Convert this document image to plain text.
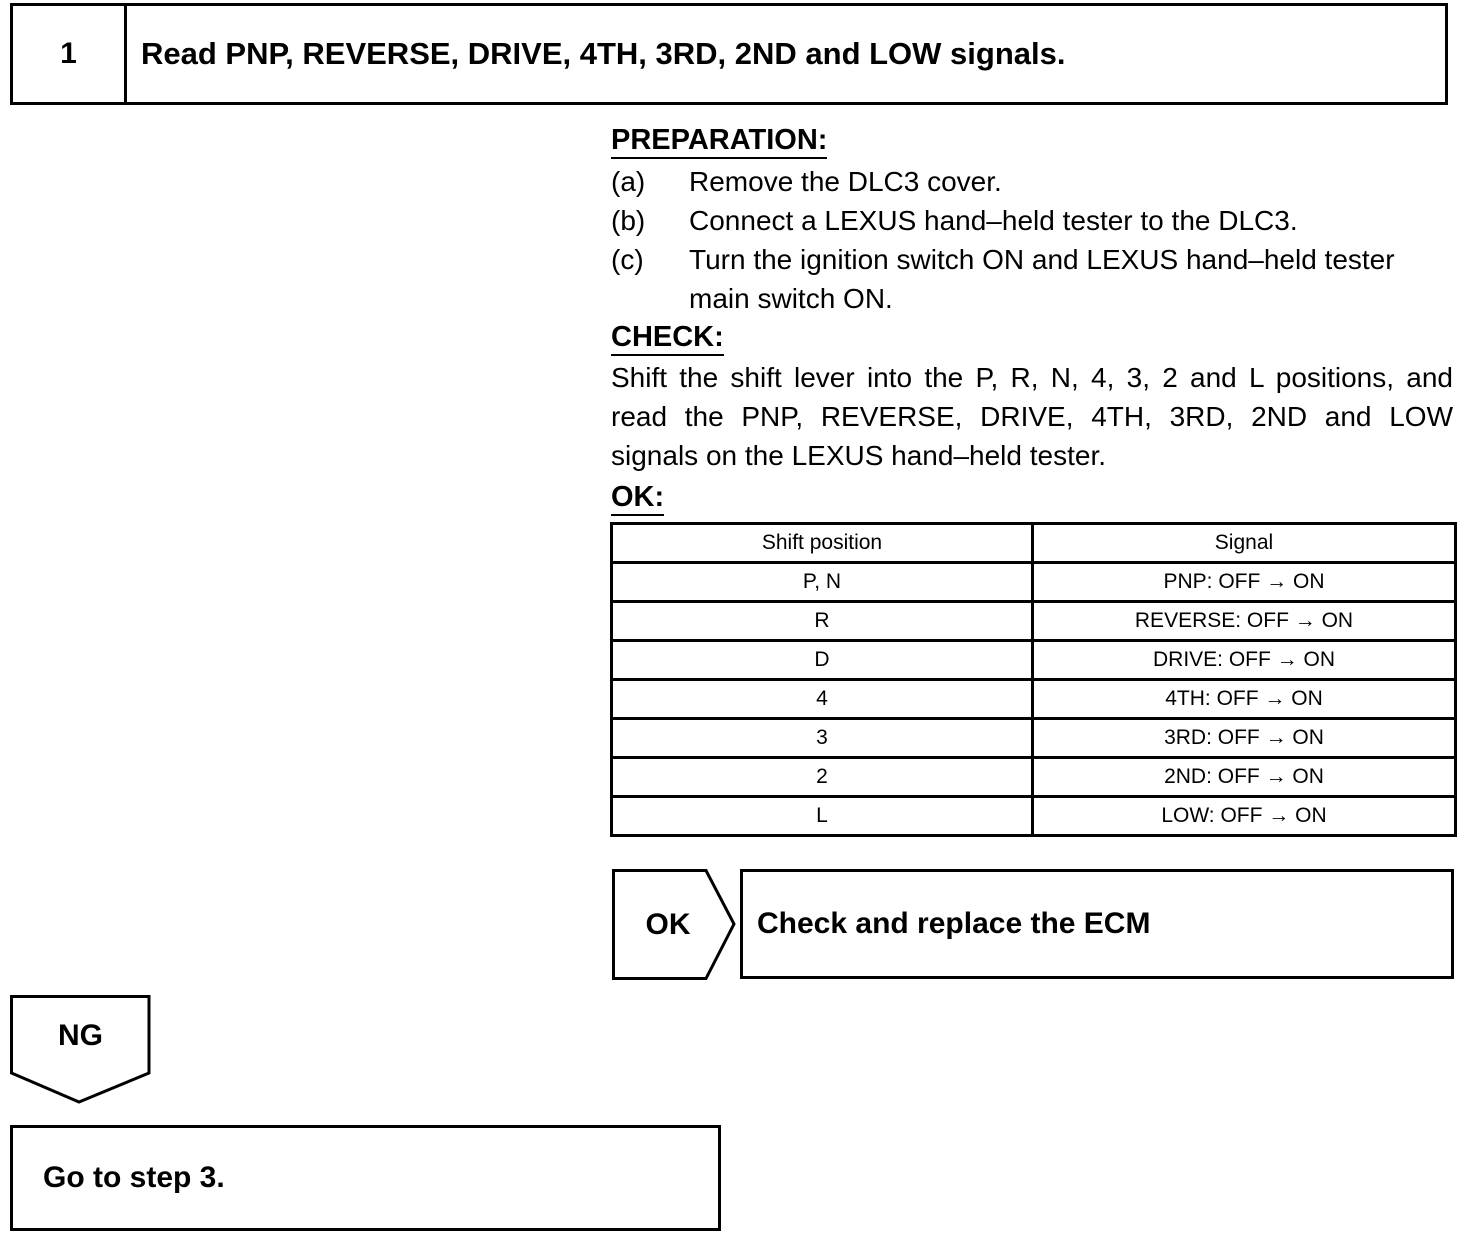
1	Read PNP, REVERSE, DRIVE, 4TH, 3RD, 2ND and LOW signals.
PREPARATION:
(a) Remove the DLC3 cover.
(b) Connect a LEXUS hand–held tester to the DLC3.
(c) Turn the ignition switch ON and LEXUS hand–held tester
main switch ON.
CHECK:
Shift the shift lever into the P, R, N, 4, 3, 2 and L positions, and
read the PNP, REVERSE, DRIVE, 4TH, 3RD, 2ND and LOW
signals on the LEXUS hand–held tester.
OK:
Shift position	Signal
P, N	PNP: OFF → ON
R	REVERSE: OFF → ON
D	DRIVE: OFF → ON
4	4TH: OFF → ON
3	3RD: OFF → ON
2	2ND: OFF → ON
L	LOW: OFF → ON
OK	Check and replace the ECM
NG
Go to step 3.
